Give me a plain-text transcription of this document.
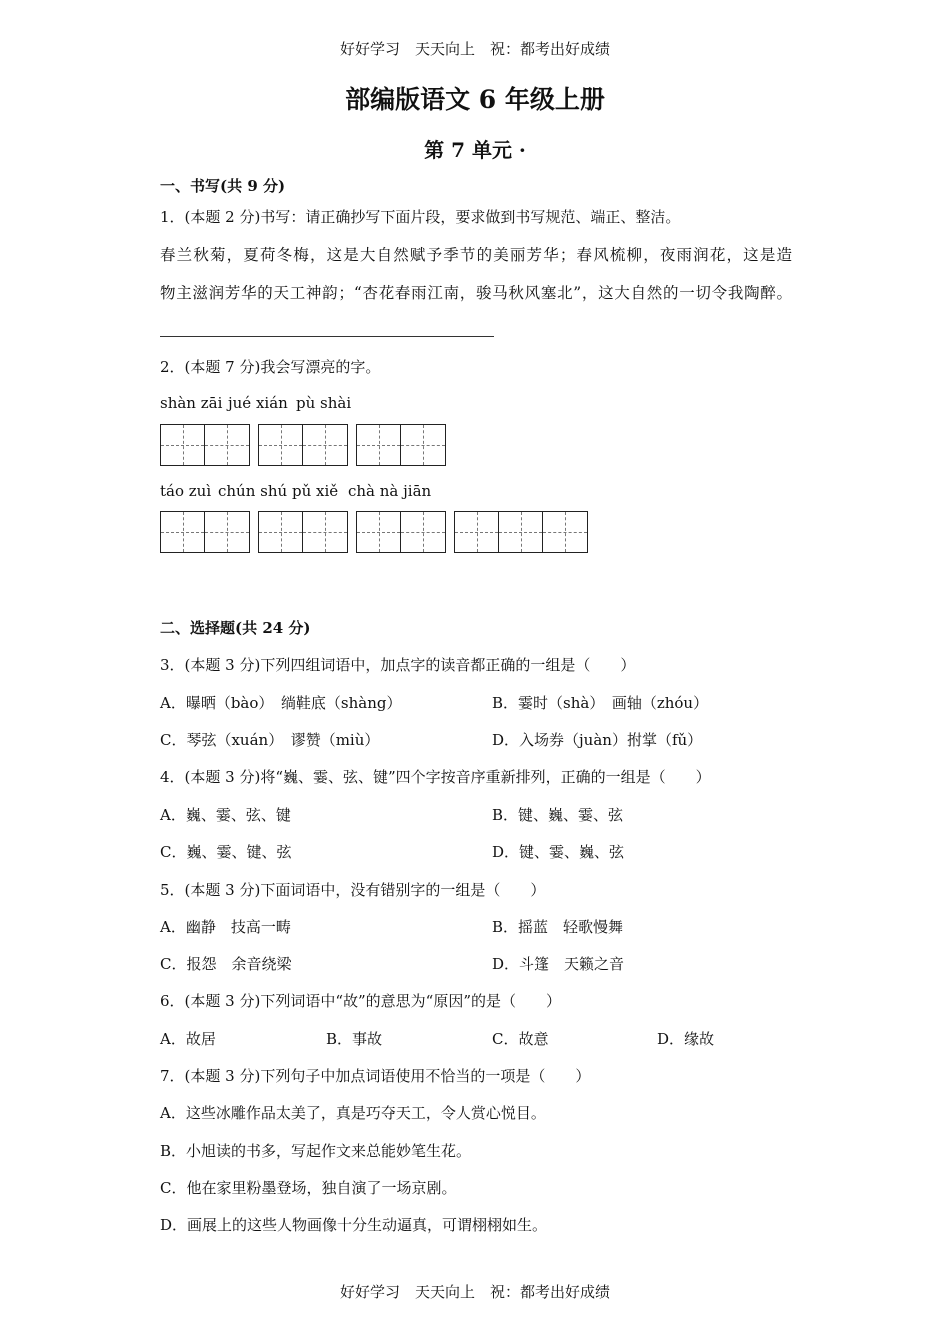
好好学习　天天向上　祝：都考出好成绩
部编版语文 6 年级上册
第 7 单元 ·
一、书写(共 9 分)
1．(本题 2 分)书写：请正确抄写下面片段，要求做到书写规范、端正、整洁。
春兰秋菊，夏荷冬梅，这是大自然赋予季节的美丽芳华；春风梳柳，夜雨润花，这是造
物主滋润芳华的天工神韵；“杏花春雨江南，骏马秋风塞北”，这大自然的一切令我陶醉。
2．(本题 7 分)我会写漂亮的字。
shàn zāi jué xián pù shài
táo zuì chún shú pǔ xiě chà nà jiān
二、选择题(共 24 分)
3．(本题 3 分)下列四组词语中，加点字的读音都正确的一组是（　　）
A．曝晒（bào）　绱鞋底（shàng）	B．霎时（shà）　画轴（zhóu）
C．琴弦（xuán）　谬赞（miù）	D．入场券（juàn）拊掌（fǔ）
4．(本题 3 分)将“巍、霎、弦、键”四个字按音序重新排列，正确的一组是（　　）
A．巍、霎、弦、键	B．键、巍、霎、弦
C．巍、霎、键、弦	D．键、霎、巍、弦
5．(本题 3 分)下面词语中，没有错别字的一组是（　　）
A．幽静　技高一畴	B．摇蓝　轻歌慢舞
C．报怨　余音绕梁	D．斗篷　天籁之音
6．(本题 3 分)下列词语中“故”的意思为“原因”的是（　　）
A．故居	B．事故	C．故意	D．缘故
7．(本题 3 分)下列句子中加点词语使用不恰当的一项是（　　）
A．这些冰雕作品太美了，真是巧夺天工，令人赏心悦目。
B．小旭读的书多，写起作文来总能妙笔生花。
C．他在家里粉墨登场，独自演了一场京剧。
D．画展上的这些人物画像十分生动逼真，可谓栩栩如生。
好好学习　天天向上　祝：都考出好成绩
